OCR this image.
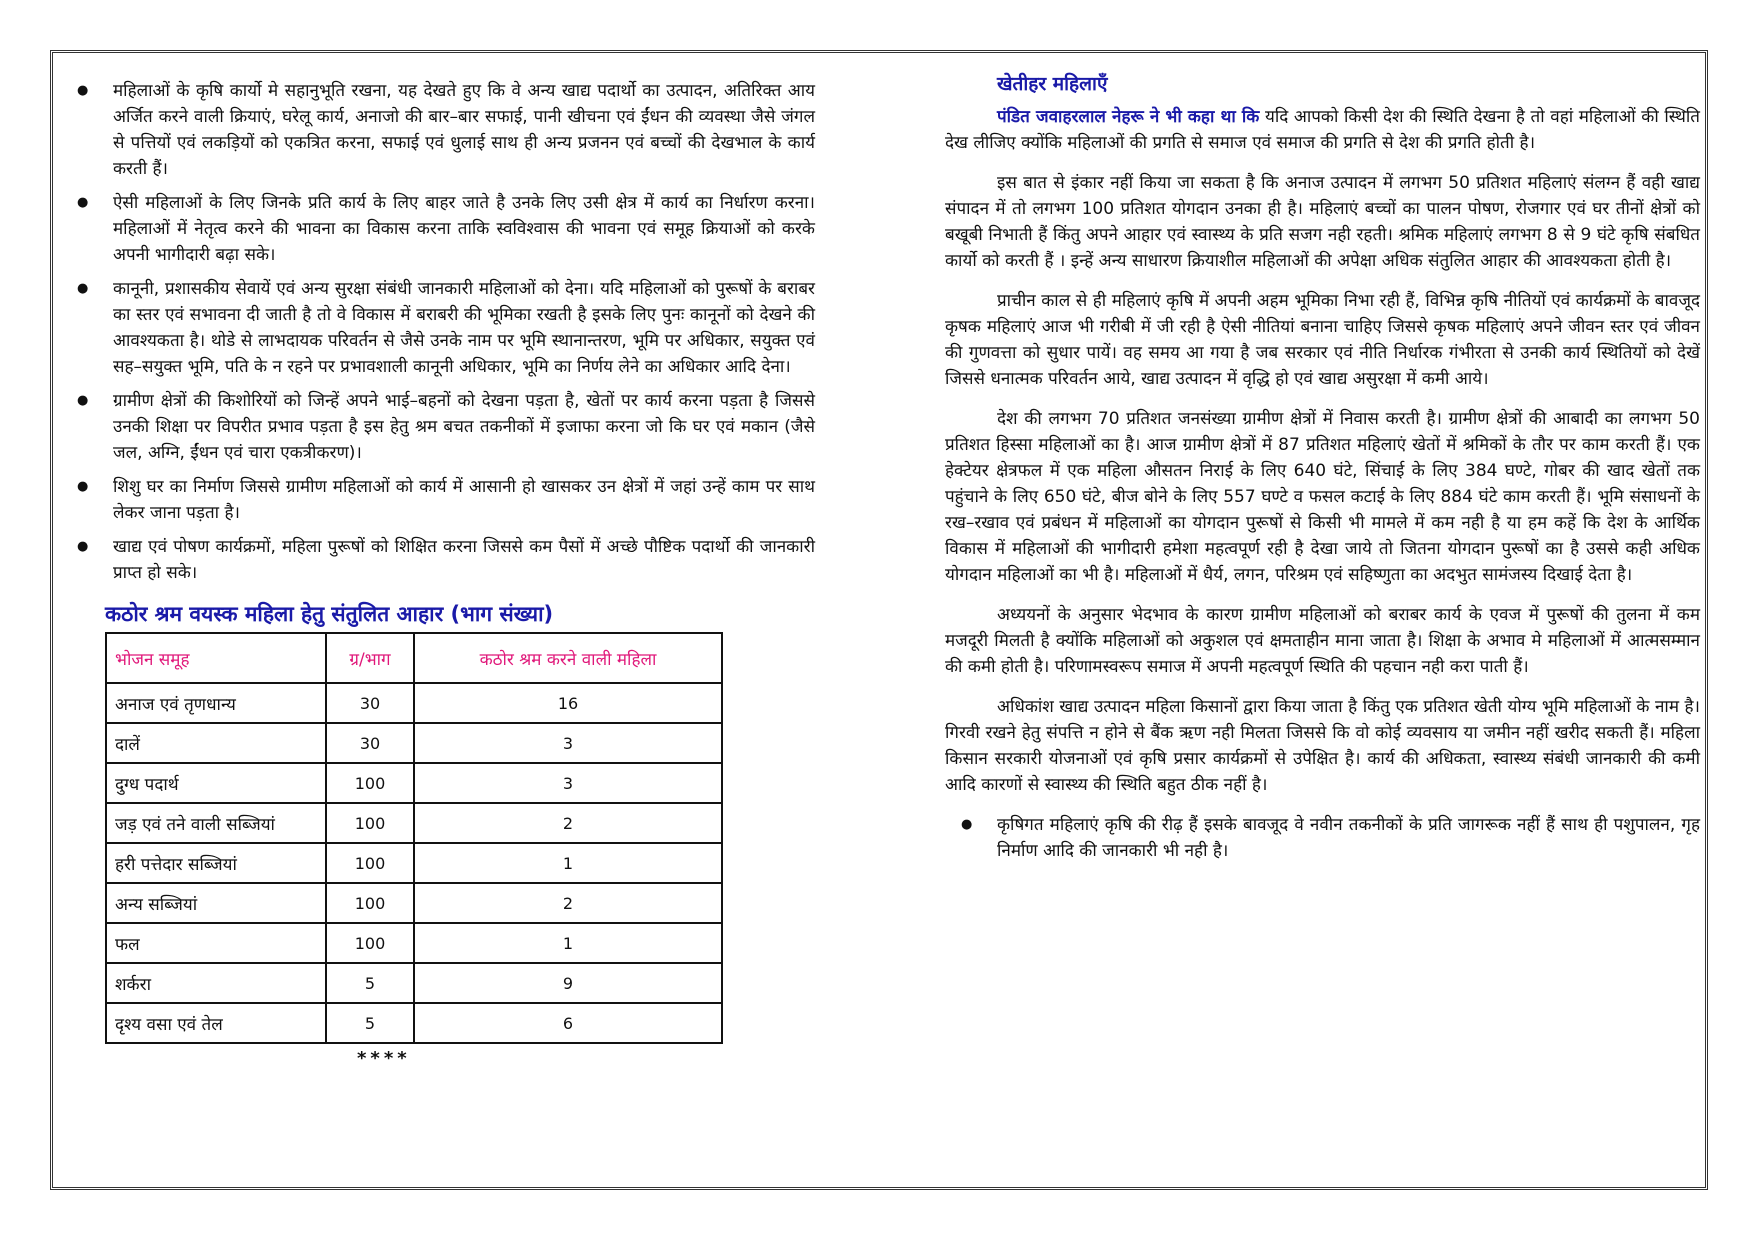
● महिलाओं के कृषि कार्यो मे सहानुभूति रखना, यह देखते हुए कि वे अन्य खाद्य पदार्थो का उत्पादन, अतिरिक्त आय अर्जित करने वाली क्रियाएं, घरेलू कार्य, अनाजो की बार–बार सफाई, पानी खीचना एवं ईंधन की व्यवस्था जैसे जंगल से पत्तियों एवं लकड़ियों को एकत्रित करना, सफाई एवं धुलाई साथ ही अन्य प्रजनन एवं बच्चों की देखभाल के कार्य करती हैं।
● ऐसी महिलाओं के लिए जिनके प्रति कार्य के लिए बाहर जाते है उनके लिए उसी क्षेत्र में कार्य का निर्धारण करना। महिलाओं में नेतृत्व करने की भावना का विकास करना ताकि स्वविश्वास की भावना एवं समूह क्रियाओं को करके अपनी भागीदारी बढ़ा सके।
● कानूनी, प्रशासकीय सेवायें एवं अन्य सुरक्षा संबंधी जानकारी महिलाओं को देना। यदि महिलाओं को पुरूषों के बराबर का स्तर एवं सभावना दी जाती है तो वे विकास में बराबरी की भूमिका रखती है इसके लिए पुनः कानूनों को देखने की आवश्यकता है। थोडे से लाभदायक परिवर्तन से जैसे उनके नाम पर भूमि स्थानान्तरण, भूमि पर अधिकार, सयुक्त एवं सह–सयुक्त भूमि, पति के न रहने पर प्रभावशाली कानूनी अधिकार, भूमि का निर्णय लेने का अधिकार आदि देना।
● ग्रामीण क्षेत्रों की किशोरियों को जिन्हें अपने भाई–बहनों को देखना पड़ता है, खेतों पर कार्य करना पड़ता है जिससे उनकी शिक्षा पर विपरीत प्रभाव पड़ता है इस हेतु श्रम बचत तकनीकों में इजाफा करना जो कि घर एवं मकान (जैसे जल, अग्नि, ईंधन एवं चारा एकत्रीकरण)।
● शिशु घर का निर्माण जिससे ग्रामीण महिलाओं को कार्य में आसानी हो खासकर उन क्षेत्रों में जहां उन्हें काम पर साथ लेकर जाना पड़ता है।
● खाद्य एवं पोषण कार्यक्रमों, महिला पुरूषों को शिक्षित करना जिससे कम पैसों में अच्छे पौष्टिक पदार्थो की जानकारी प्राप्त हो सके।
कठोर श्रम वयस्क महिला हेतु संतुलित आहार (भाग संख्या)
भोजन समूह	ग्र/भाग	कठोर श्रम करने वाली महिला
अनाज एवं तृणधान्य	30	16
दालें	30	3
दुग्ध पदार्थ	100	3
जड़ एवं तने वाली सब्जियां	100	2
हरी पत्तेदार सब्जियां	100	1
अन्य सब्जियां	100	2
फल	100	1
शर्करा	5	9
दृश्य वसा एवं तेल	5	6
****
खेतीहर महिलाएँ

पंडित जवाहरलाल नेहरू ने भी कहा था कि यदि आपको किसी देश की स्थिति देखना है तो वहां महिलाओं की स्थिति देख लीजिए क्योंकि महिलाओं की प्रगति से समाज एवं समाज की प्रगति से देश की प्रगति होती है।

इस बात से इंकार नहीं किया जा सकता है कि अनाज उत्पादन में लगभग 50 प्रतिशत महिलाएं संलग्न हैं वही खाद्य संपादन में तो लगभग 100 प्रतिशत योगदान उनका ही है। महिलाएं बच्चों का पालन पोषण, रोजगार एवं घर तीनों क्षेत्रों को बखूबी निभाती हैं किंतु अपने आहार एवं स्वास्थ्य के प्रति सजग नही रहती। श्रमिक महिलाएं लगभग 8 से 9 घंटे कृषि संबधित कार्यो को करती हैं । इन्हें अन्य साधारण क्रियाशील महिलाओं की अपेक्षा अधिक संतुलित आहार की आवश्यकता होती है।

प्राचीन काल से ही महिलाएं कृषि में अपनी अहम भूमिका निभा रही हैं, विभिन्न कृषि नीतियों एवं कार्यक्रमों के बावजूद कृषक महिलाएं आज भी गरीबी में जी रही है ऐसी नीतियां बनाना चाहिए जिससे कृषक महिलाएं अपने जीवन स्तर एवं जीवन की गुणवत्ता को सुधार पायें। वह समय आ गया है जब सरकार एवं नीति निर्धारक गंभीरता से उनकी कार्य स्थितियों को देखें जिससे धनात्मक परिवर्तन आये, खाद्य उत्पादन में वृद्धि हो एवं खाद्य असुरक्षा में कमी आये।

देश की लगभग 70 प्रतिशत जनसंख्या ग्रामीण क्षेत्रों में निवास करती है। ग्रामीण क्षेत्रों की आबादी का लगभग 50 प्रतिशत हिस्सा महिलाओं का है। आज ग्रामीण क्षेत्रों में 87 प्रतिशत महिलाएं खेतों में श्रमिकों के तौर पर काम करती हैं। एक हेक्टेयर क्षेत्रफल में एक महिला औसतन निराई के लिए 640 घंटे, सिंचाई के लिए 384 घण्टे, गोबर की खाद खेतों तक पहुंचाने के लिए 650 घंटे, बीज बोने के लिए 557 घण्टे व फसल कटाई के लिए 884 घंटे काम करती हैं। भूमि संसाधनों के रख–रखाव एवं प्रबंधन में महिलाओं का योगदान पुरूषों से किसी भी मामले में कम नही है या हम कहें कि देश के आर्थिक विकास में महिलाओं की भागीदारी हमेशा महत्वपूर्ण रही है देखा जाये तो जितना योगदान पुरूषों का है उससे कही अधिक योगदान महिलाओं का भी है। महिलाओं में धैर्य, लगन, परिश्रम एवं सहिष्णुता का अदभुत सामंजस्य दिखाई देता है।

अध्ययनों के अनुसार भेदभाव के कारण ग्रामीण महिलाओं को बराबर कार्य के एवज में पुरूषों की तुलना में कम मजदूरी मिलती है क्योंकि महिलाओं को अकुशल एवं क्षमताहीन माना जाता है। शिक्षा के अभाव मे महिलाओं में आत्मसम्मान की कमी होती है। परिणामस्वरूप समाज में अपनी महत्वपूर्ण स्थिति की पहचान नही करा पाती हैं।

अधिकांश खाद्य उत्पादन महिला किसानों द्वारा किया जाता है किंतु एक प्रतिशत खेती योग्य भूमि महिलाओं के नाम है। गिरवी रखने हेतु संपत्ति न होने से बैंक ऋण नही मिलता जिससे कि वो कोई व्यवसाय या जमीन नहीं खरीद सकती हैं। महिला किसान सरकारी योजनाओं एवं कृषि प्रसार कार्यक्रमों से उपेक्षित है। कार्य की अधिकता, स्वास्थ्य संबंधी जानकारी की कमी आदि कारणों से स्वास्थ्य की स्थिति बहुत ठीक नहीं है।

● कृषिगत महिलाएं कृषि की रीढ़ हैं इसके बावजूद वे नवीन तकनीकों के प्रति जागरूक नहीं हैं साथ ही पशुपालन, गृह निर्माण आदि की जानकारी भी नही है।
